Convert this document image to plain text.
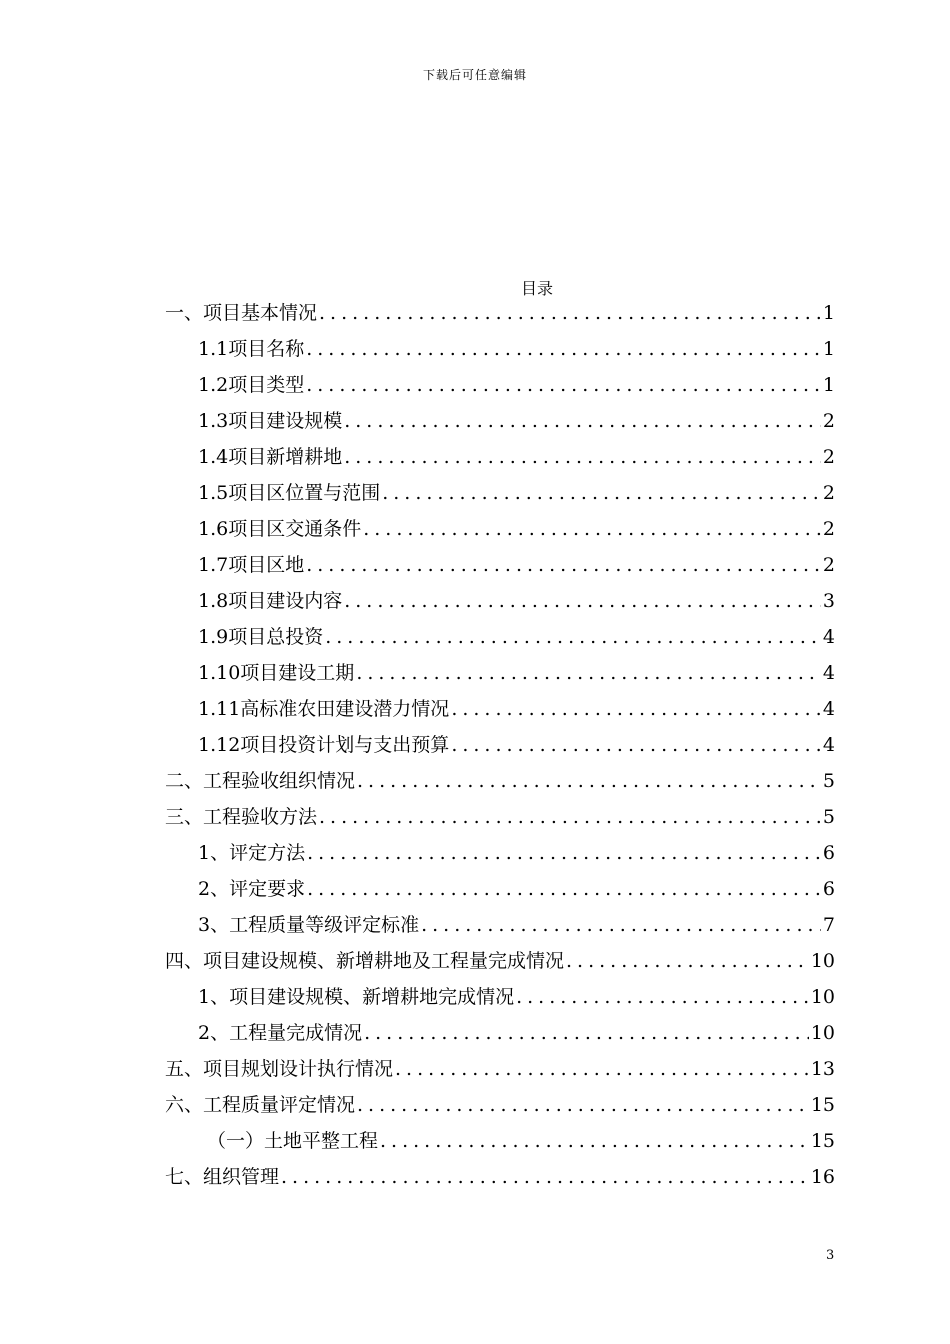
下载后可任意编辑
目录
一、项目基本情况 .....	1
1.1项目名称 .....	1
1.2项目类型 .....	1
1.3项目建设规模 .....	2
1.4项目新增耕地 .....	2
1.5项目区位置与范围 .....	2
1.6项目区交通条件 .....	2
1.7项目区地 .....	2
1.8项目建设内容 .....	3
1.9项目总投资 .....	4
1.10项目建设工期 .....	4
1.11高标准农田建设潜力情况 .....	4
1.12项目投资计划与支出预算 .....	4
二、工程验收组织情况 .....	5
三、工程验收方法 .....	5
1、评定方法 .....	6
2、评定要求 .....	6
3、工程质量等级评定标准 .....	7
四、项目建设规模、新增耕地及工程量完成情况 .....	10
1、项目建设规模、新增耕地完成情况 .....	10
2、工程量完成情况 .....	10
五、项目规划设计执行情况 .....	13
六、工程质量评定情况 .....	15
（一）土地平整工程 .....	15
七、组织管理 .....	16
3
